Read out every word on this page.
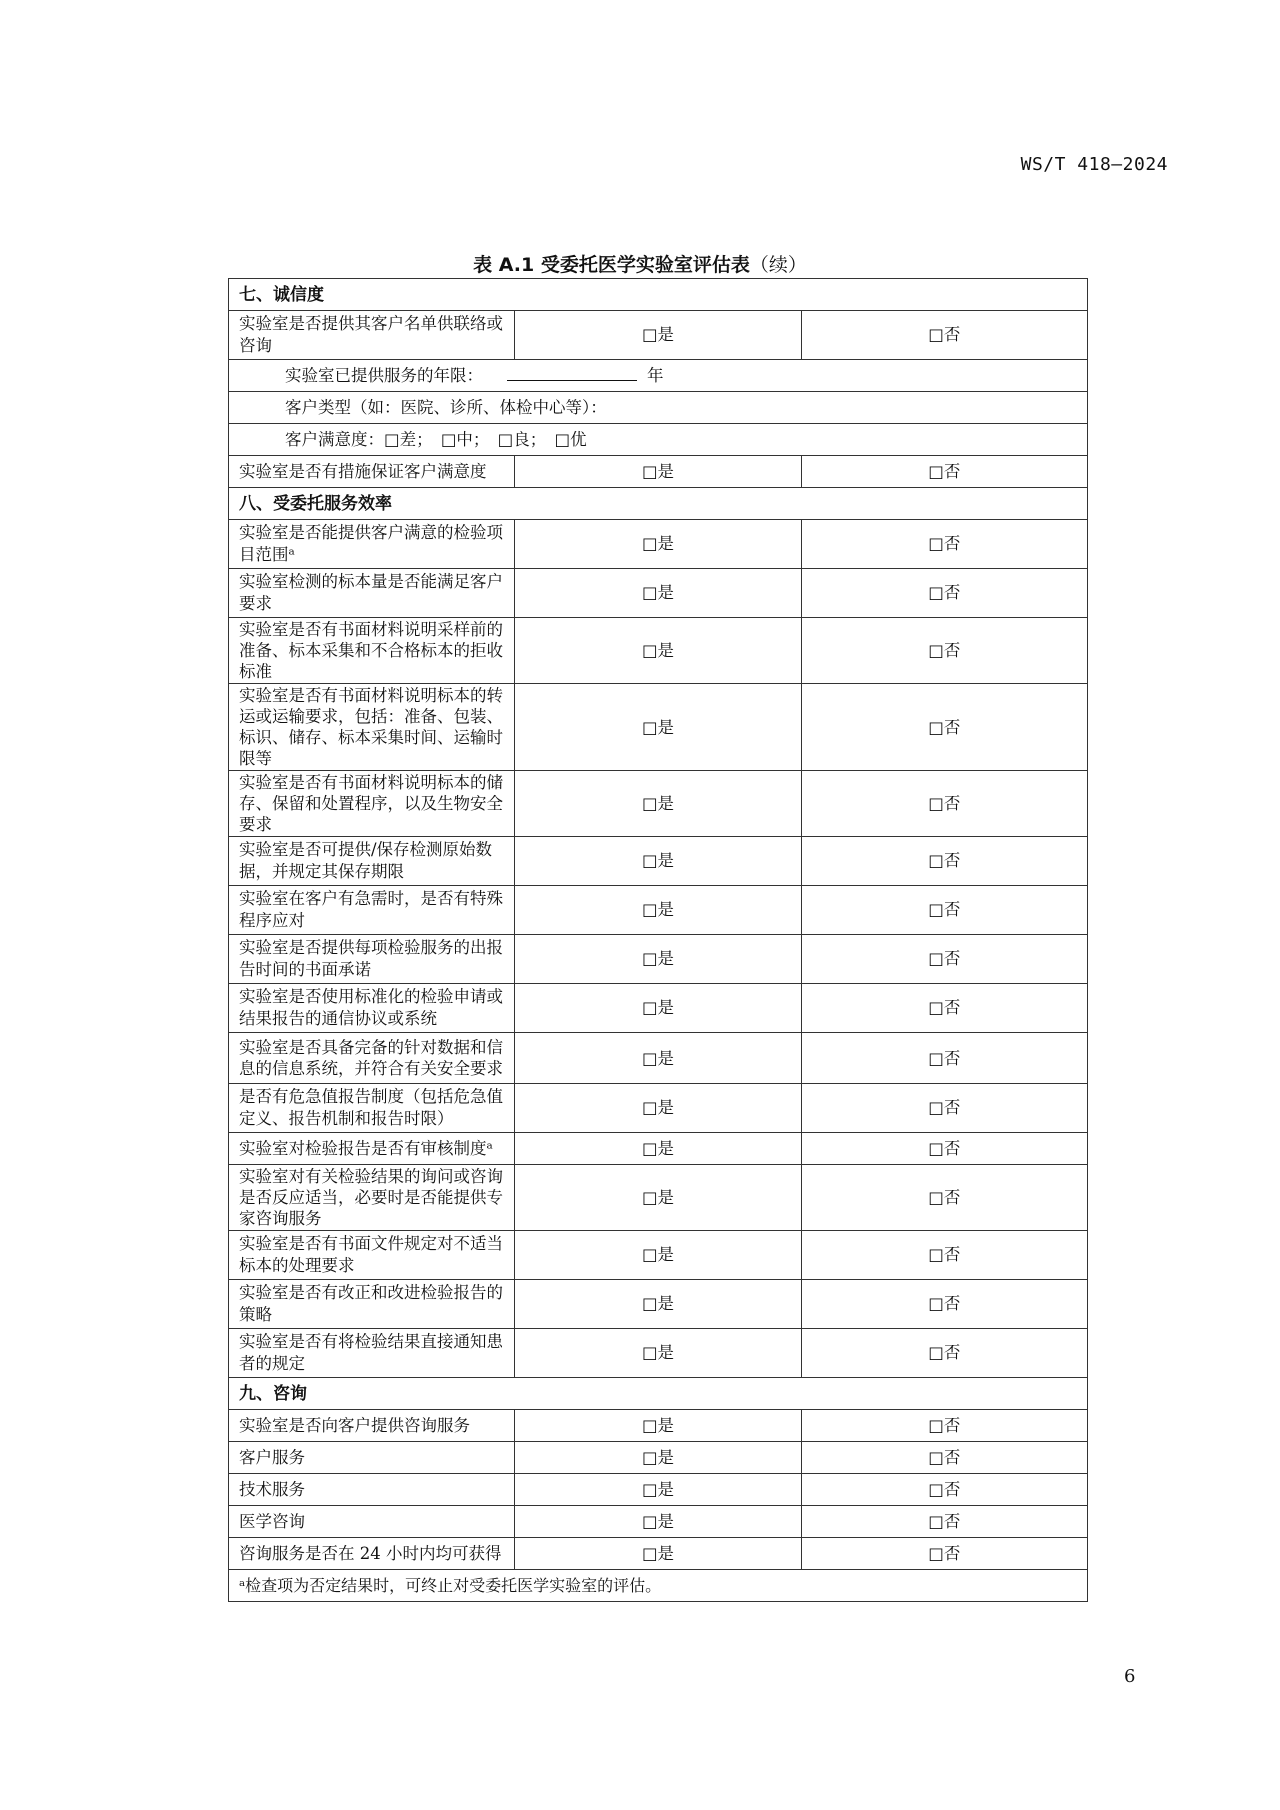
WS/T 418—2024
表 A.1 受委托医学实验室评估表（续）
七、诚信度		
实验室是否提供其客户名单供联络或咨询	□是	□否
实验室已提供服务的年限： 年		
客户类型（如：医院、诊所、体检中心等）：		
客户满意度：□差；　□中；　□良；　□优		
实验室是否有措施保证客户满意度	□是	□否
八、受委托服务效率		
实验室是否能提供客户满意的检验项目范围ᵃ	□是	□否
实验室检测的标本量是否能满足客户要求	□是	□否
实验室是否有书面材料说明采样前的准备、标本采集和不合格标本的拒收标准	□是	□否
实验室是否有书面材料说明标本的转运或运输要求，包括：准备、包装、标识、储存、标本采集时间、运输时限等	□是	□否
实验室是否有书面材料说明标本的储存、保留和处置程序，以及生物安全要求	□是	□否
实验室是否可提供/保存检测原始数据，并规定其保存期限	□是	□否
实验室在客户有急需时，是否有特殊程序应对	□是	□否
实验室是否提供每项检验服务的出报告时间的书面承诺	□是	□否
实验室是否使用标准化的检验申请或结果报告的通信协议或系统	□是	□否
实验室是否具备完备的针对数据和信息的信息系统，并符合有关安全要求	□是	□否
是否有危急值报告制度（包括危急值定义、报告机制和报告时限）	□是	□否
实验室对检验报告是否有审核制度ᵃ	□是	□否
实验室对有关检验结果的询问或咨询是否反应适当，必要时是否能提供专家咨询服务	□是	□否
实验室是否有书面文件规定对不适当标本的处理要求	□是	□否
实验室是否有改正和改进检验报告的策略	□是	□否
实验室是否有将检验结果直接通知患者的规定	□是	□否
九、咨询		
实验室是否向客户提供咨询服务	□是	□否
客户服务	□是	□否
技术服务	□是	□否
医学咨询	□是	□否
咨询服务是否在 24 小时内均可获得	□是	□否
ᵃ检查项为否定结果时，可终止对受委托医学实验室的评估。		
6
